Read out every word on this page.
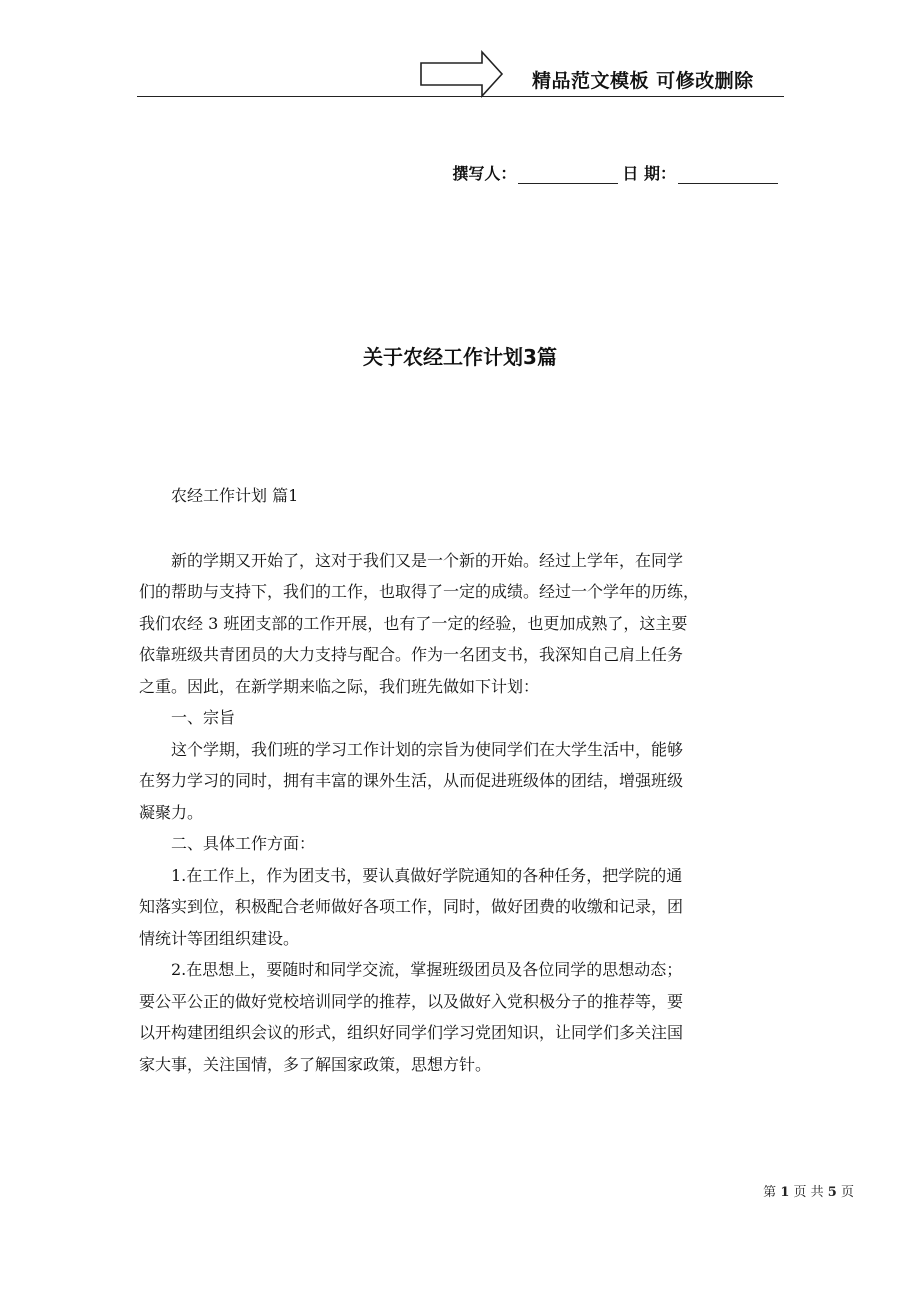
精品范文模板 可修改删除
撰写人：	日 期：
关于农经工作计划3篇

农经工作计划 篇1

新的学期又开始了，这对于我们又是一个新的开始。经过上学年，在同学

们的帮助与支持下，我们的工作，也取得了一定的成绩。经过一个学年的历练，

我们农经 3 班团支部的工作开展，也有了一定的经验，也更加成熟了，这主要

依靠班级共青团员的大力支持与配合。作为一名团支书，我深知自己肩上任务

之重。因此，在新学期来临之际，我们班先做如下计划：

一、宗旨

这个学期，我们班的学习工作计划的宗旨为使同学们在大学生活中，能够

在努力学习的同时，拥有丰富的课外生活，从而促进班级体的团结，增强班级

凝聚力。

二、具体工作方面：

1.在工作上，作为团支书，要认真做好学院通知的各种任务，把学院的通

知落实到位，积极配合老师做好各项工作，同时，做好团费的收缴和记录，团

情统计等团组织建设。

2.在思想上，要随时和同学交流，掌握班级团员及各位同学的思想动态；

要公平公正的做好党校培训同学的推荐，以及做好入党积极分子的推荐等，要

以开构建团组织会议的形式，组织好同学们学习党团知识，让同学们多关注国

家大事，关注国情，多了解国家政策，思想方针。

第 1 页 共 5 页
